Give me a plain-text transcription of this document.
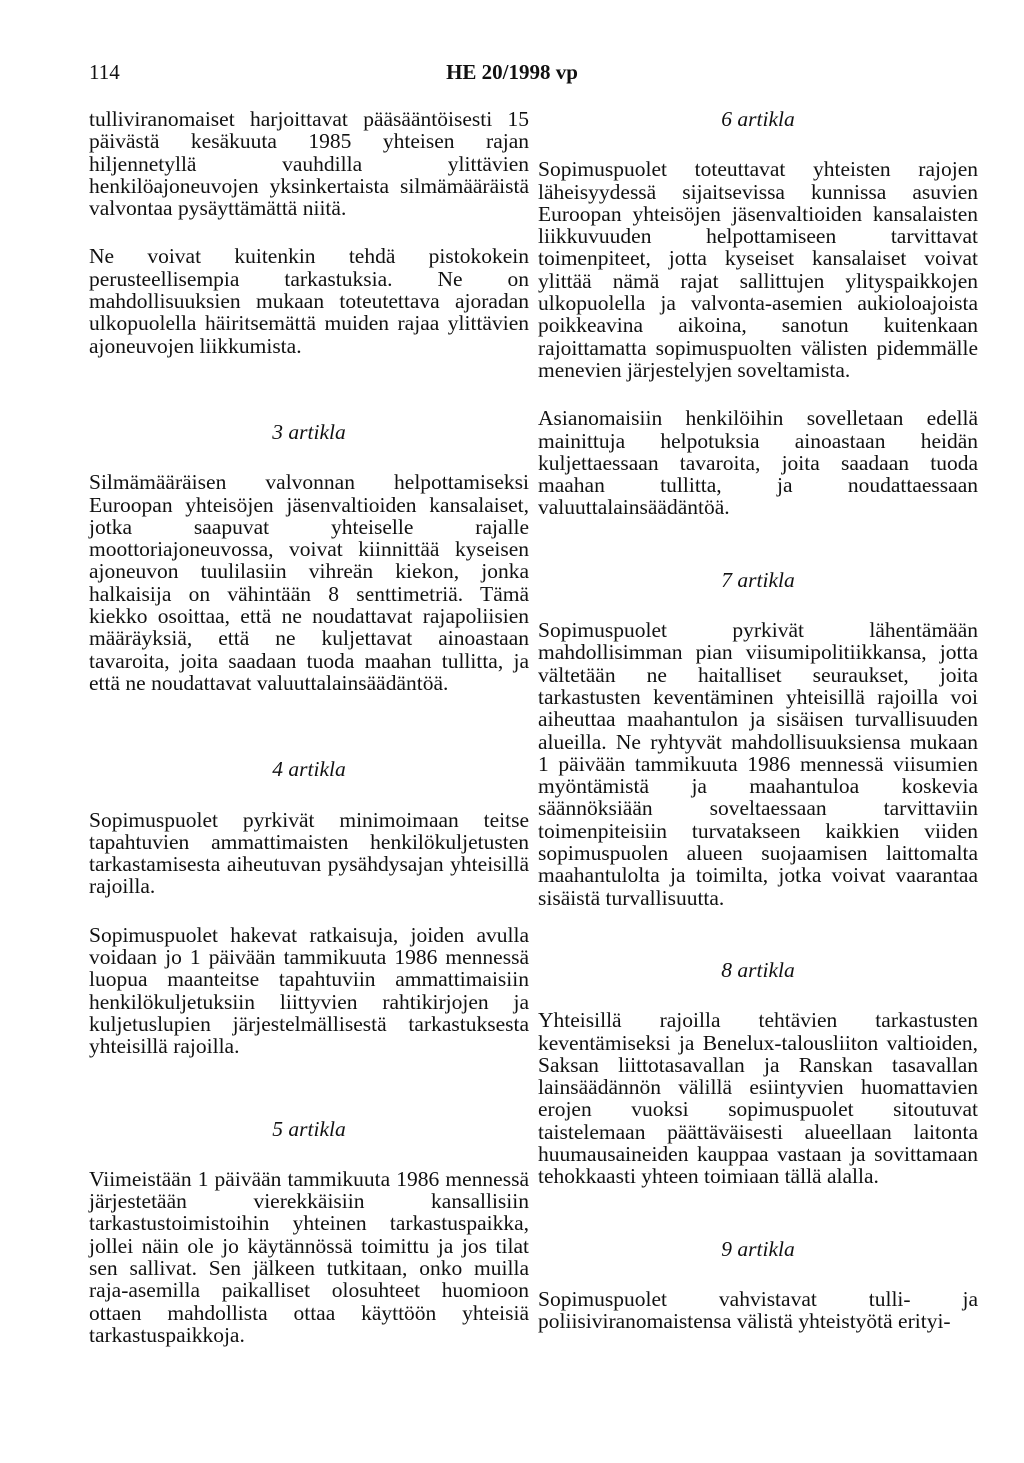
114	HE 20/1998 vp

tulliviranomaiset harjoittavat pääsääntöisesti 15 päivästä kesäkuuta 1985 yhteisen rajan hiljennetyllä vauhdilla ylittävien henkilöajoneuvojen yksinkertaista silmämääräistä valvontaa pysäyttämättä niitä.

Ne voivat kuitenkin tehdä pistokokein perusteellisempia tarkastuksia. Ne on mahdollisuuksien mukaan toteutettava ajoradan ulkopuolella häiritsemättä muiden rajaa ylittävien ajoneuvojen liikkumista.

3 artikla

Silmämääräisen valvonnan helpottamiseksi Euroopan yhteisöjen jäsenvaltioiden kansalaiset, jotka saapuvat yhteiselle rajalle moottoriajoneuvossa, voivat kiinnittää kyseisen ajoneuvon tuulilasiin vihreän kiekon, jonka halkaisija on vähintään 8 senttimetriä. Tämä kiekko osoittaa, että ne noudattavat rajapoliisien määräyksiä, että ne kuljettavat ainoastaan tavaroita, joita saadaan tuoda maahan tullitta, ja että ne noudattavat valuuttalainsäädäntöä.

4 artikla

Sopimuspuolet pyrkivät minimoimaan teitse tapahtuvien ammattimaisten henkilökuljetusten tarkastamisesta aiheutuvan pysähdysajan yhteisillä rajoilla.

Sopimuspuolet hakevat ratkaisuja, joiden avulla voidaan jo 1 päivään tammikuuta 1986 mennessä luopua maanteitse tapahtuviin ammattimaisiin henkilökuljetuksiin liittyvien rahtikirjojen ja kuljetuslupien järjestelmällisestä tarkastuksesta yhteisillä rajoilla.

5 artikla

Viimeistään 1 päivään tammikuuta 1986 mennessä järjestetään vierekkäisiin kansallisiin tarkastustoimistoihin yhteinen tarkastuspaikka, jollei näin ole jo käytännössä toimittu ja jos tilat sen sallivat. Sen jälkeen tutkitaan, onko muilla raja-asemilla paikalliset olosuhteet huomioon ottaen mahdollista ottaa käyttöön yhteisiä tarkastuspaikkoja.

6 artikla

Sopimuspuolet toteuttavat yhteisten rajojen läheisyydessä sijaitsevissa kunnissa asuvien Euroopan yhteisöjen jäsenvaltioiden kansalaisten liikkuvuuden helpottamiseen tarvittavat toimenpiteet, jotta kyseiset kansalaiset voivat ylittää nämä rajat sallittujen ylityspaikkojen ulkopuolella ja valvonta-asemien aukioloajoista poikkeavina aikoina, sanotun kuitenkaan rajoittamatta sopimuspuolten välisten pidemmälle menevien järjestelyjen soveltamista.

Asianomaisiin henkilöihin sovelletaan edellä mainittuja helpotuksia ainoastaan heidän kuljettaessaan tavaroita, joita saadaan tuoda maahan tullitta, ja noudattaessaan valuuttalainsäädäntöä.

7 artikla

Sopimuspuolet pyrkivät lähentämään mahdollisimman pian viisumipolitiikkansa, jotta vältetään ne haitalliset seuraukset, joita tarkastusten keventäminen yhteisillä rajoilla voi aiheuttaa maahantulon ja sisäisen turvallisuuden alueilla. Ne ryhtyvät mahdollisuuksiensa mukaan 1 päivään tammikuuta 1986 mennessä viisumien myöntämistä ja maahantuloa koskevia säännöksiään soveltaessaan tarvittaviin toimenpiteisiin turvatakseen kaikkien viiden sopimuspuolen alueen suojaamisen laittomalta maahantulolta ja toimilta, jotka voivat vaarantaa sisäistä turvallisuutta.

8 artikla

Yhteisillä rajoilla tehtävien tarkastusten keventämiseksi ja Benelux-talousliiton valtioiden, Saksan liittotasavallan ja Ranskan tasavallan lainsäädännön välillä esiintyvien huomattavien erojen vuoksi sopimuspuolet sitoutuvat taistelemaan päättäväisesti alueellaan laitonta huumausaineiden kauppaa vastaan ja sovittamaan tehokkaasti yhteen toimiaan tällä alalla.

9 artikla

Sopimuspuolet vahvistavat tulli- ja poliisiviranomaistensa välistä yhteistyötä erityi-
